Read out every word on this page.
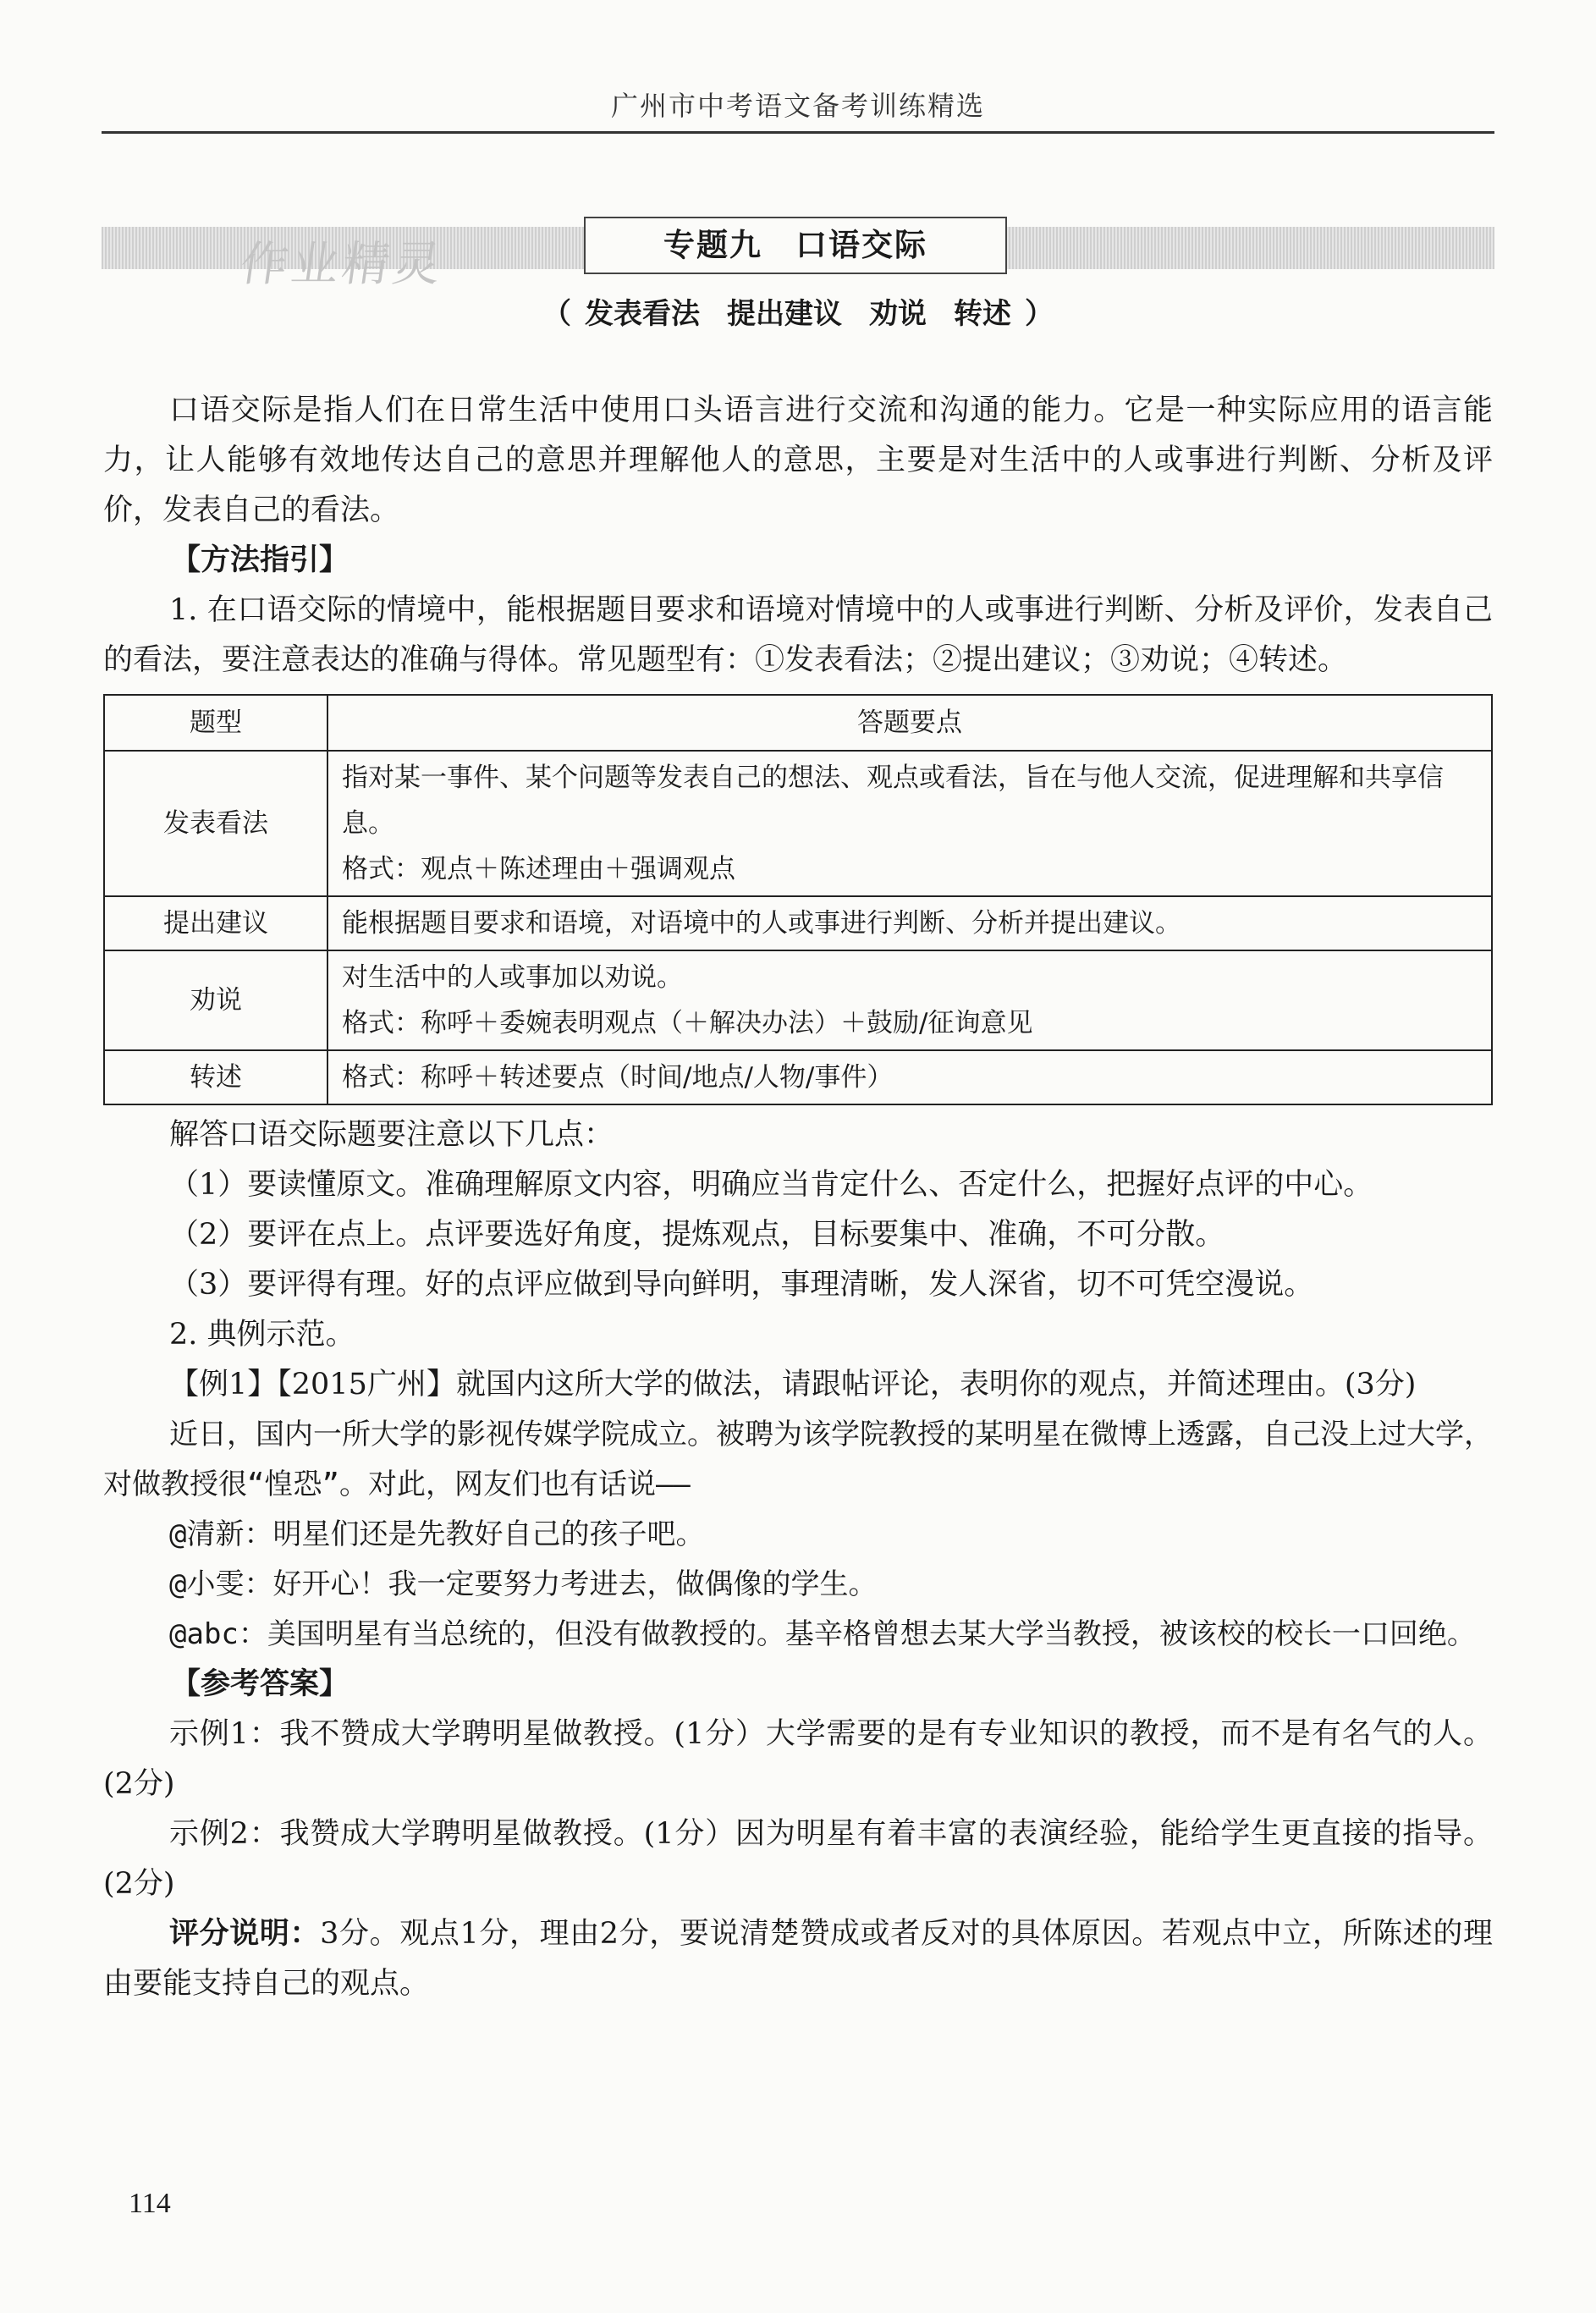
广州市中考语文备考训练精选
作业精灵	专题九　口语交际
（ 发表看法 提出建议 劝说 转述 ）

口语交际是指人们在日常生活中使用口头语言进行交流和沟通的能力。它是一种实际应用的语言能力，让人能够有效地传达自己的意思并理解他人的意思，主要是对生活中的人或事进行判断、分析及评价，发表自己的看法。

【方法指引】

1. 在口语交际的情境中，能根据题目要求和语境对情境中的人或事进行判断、分析及评价，发表自己的看法，要注意表达的准确与得体。常见题型有：①发表看法；②提出建议；③劝说；④转述。

题型	答题要点
发表看法	指对某一事件、某个问题等发表自己的想法、观点或看法，旨在与他人交流，促进理解和共享信息。
格式：观点＋陈述理由＋强调观点

提出建议	能根据题目要求和语境，对语境中的人或事进行判断、分析并提出建议。

劝说	对生活中的人或事加以劝说。
格式：称呼＋委婉表明观点（＋解决办法）＋鼓励/征询意见

转述	格式：称呼＋转述要点（时间/地点/人物/事件）

解答口语交际题要注意以下几点：

（1）要读懂原文。准确理解原文内容，明确应当肯定什么、否定什么，把握好点评的中心。

（2）要评在点上。点评要选好角度，提炼观点，目标要集中、准确，不可分散。

（3）要评得有理。好的点评应做到导向鲜明，事理清晰，发人深省，切不可凭空漫说。

2. 典例示范。

【例1】【2015广州】就国内这所大学的做法，请跟帖评论，表明你的观点，并简述理由。(3分)

近日，国内一所大学的影视传媒学院成立。被聘为该学院教授的某明星在微博上透露，自己没上过大学，对做教授很“惶恐”。对此，网友们也有话说——

@清新：明星们还是先教好自己的孩子吧。

@小雯：好开心！我一定要努力考进去，做偶像的学生。

@abc：美国明星有当总统的，但没有做教授的。基辛格曾想去某大学当教授，被该校的校长一口回绝。

【参考答案】

示例1：我不赞成大学聘明星做教授。(1分）大学需要的是有专业知识的教授，而不是有名气的人。(2分)

示例2：我赞成大学聘明星做教授。(1分）因为明星有着丰富的表演经验，能给学生更直接的指导。(2分)

评分说明：3分。观点1分，理由2分，要说清楚赞成或者反对的具体原因。若观点中立，所陈述的理由要能支持自己的观点。

114
